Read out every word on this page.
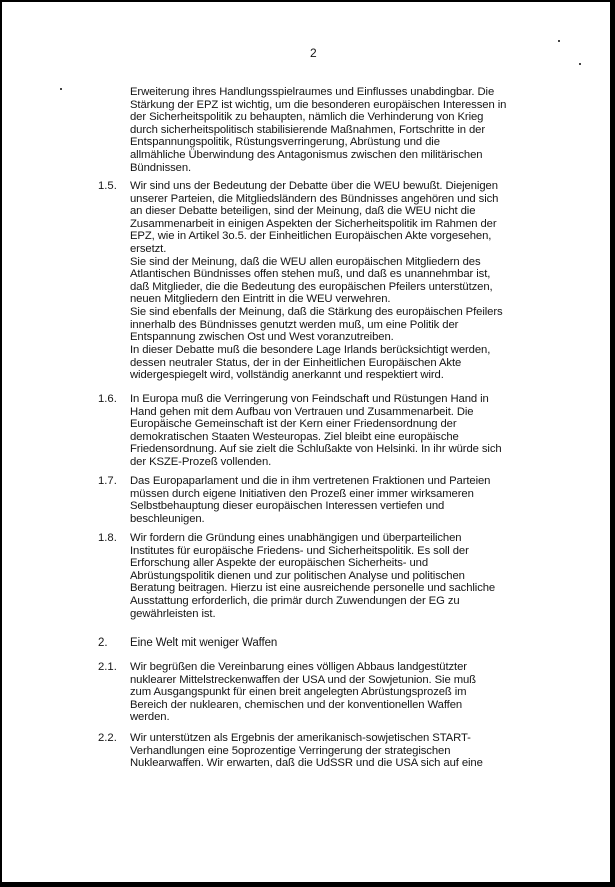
2
Erweiterung ihres Handlungsspielraumes und Einflusses unabdingbar. Die
Stärkung der EPZ ist wichtig, um die besonderen europäischen Interessen in
der Sicherheitspolitik zu behaupten, nämlich die Verhinderung von Krieg
durch sicherheitspolitisch stabilisierende Maßnahmen, Fortschritte in der
Entspannungspolitik, Rüstungsverringerung, Abrüstung und die
allmähliche Überwindung des Antagonismus zwischen den militärischen
Bündnissen.
1.5. Wir sind uns der Bedeutung der Debatte über die WEU bewußt. Diejenigen
unserer Parteien, die Mitgliedsländern des Bündnisses angehören und sich
an dieser Debatte beteiligen, sind der Meinung, daß die WEU nicht die
Zusammenarbeit in einigen Aspekten der Sicherheitspolitik im Rahmen der
EPZ, wie in Artikel 3o.5. der Einheitlichen Europäischen Akte vorgesehen,
ersetzt.
Sie sind der Meinung, daß die WEU allen europäischen Mitgliedern des
Atlantischen Bündnisses offen stehen muß, und daß es unannehmbar ist,
daß Mitglieder, die die Bedeutung des europäischen Pfeilers unterstützen,
neuen Mitgliedern den Eintritt in die WEU verwehren.
Sie sind ebenfalls der Meinung, daß die Stärkung des europäischen Pfeilers
innerhalb des Bündnisses genutzt werden muß, um eine Politik der
Entspannung zwischen Ost und West voranzutreiben.
In dieser Debatte muß die besondere Lage Irlands berücksichtigt werden,
dessen neutraler Status, der in der Einheitlichen Europäischen Akte
widergespiegelt wird, vollständig anerkannt und respektiert wird.
1.6. In Europa muß die Verringerung von Feindschaft und Rüstungen Hand in
Hand gehen mit dem Aufbau von Vertrauen und Zusammenarbeit. Die
Europäische Gemeinschaft ist der Kern einer Friedensordnung der
demokratischen Staaten Westeuropas. Ziel bleibt eine europäische
Friedensordnung. Auf sie zielt die Schlußakte von Helsinki. In ihr würde sich
der KSZE-Prozeß vollenden.
1.7. Das Europaparlament und die in ihm vertretenen Fraktionen und Parteien
müssen durch eigene Initiativen den Prozeß einer immer wirksameren
Selbstbehauptung dieser europäischen Interessen vertiefen und
beschleunigen.
1.8. Wir fordern die Gründung eines unabhängigen und überparteilichen
Institutes für europäische Friedens- und Sicherheitspolitik. Es soll der
Erforschung aller Aspekte der europäischen Sicherheits- und
Abrüstungspolitik dienen und zur politischen Analyse und politischen
Beratung beitragen. Hierzu ist eine ausreichende personelle und sachliche
Ausstattung erforderlich, die primär durch Zuwendungen der EG zu
gewährleisten ist.
2. Eine Welt mit weniger Waffen
2.1. Wir begrüßen die Vereinbarung eines völligen Abbaus landgestützter
nuklearer Mittelstreckenwaffen der USA und der Sowjetunion. Sie muß
zum Ausgangspunkt für einen breit angelegten Abrüstungsprozeß im
Bereich der nuklearen, chemischen und der konventionellen Waffen
werden.
2.2. Wir unterstützen als Ergebnis der amerikanisch-sowjetischen START-
Verhandlungen eine 5oprozentige Verringerung der strategischen
Nuklearwaffen. Wir erwarten, daß die UdSSR und die USA sich auf eine
